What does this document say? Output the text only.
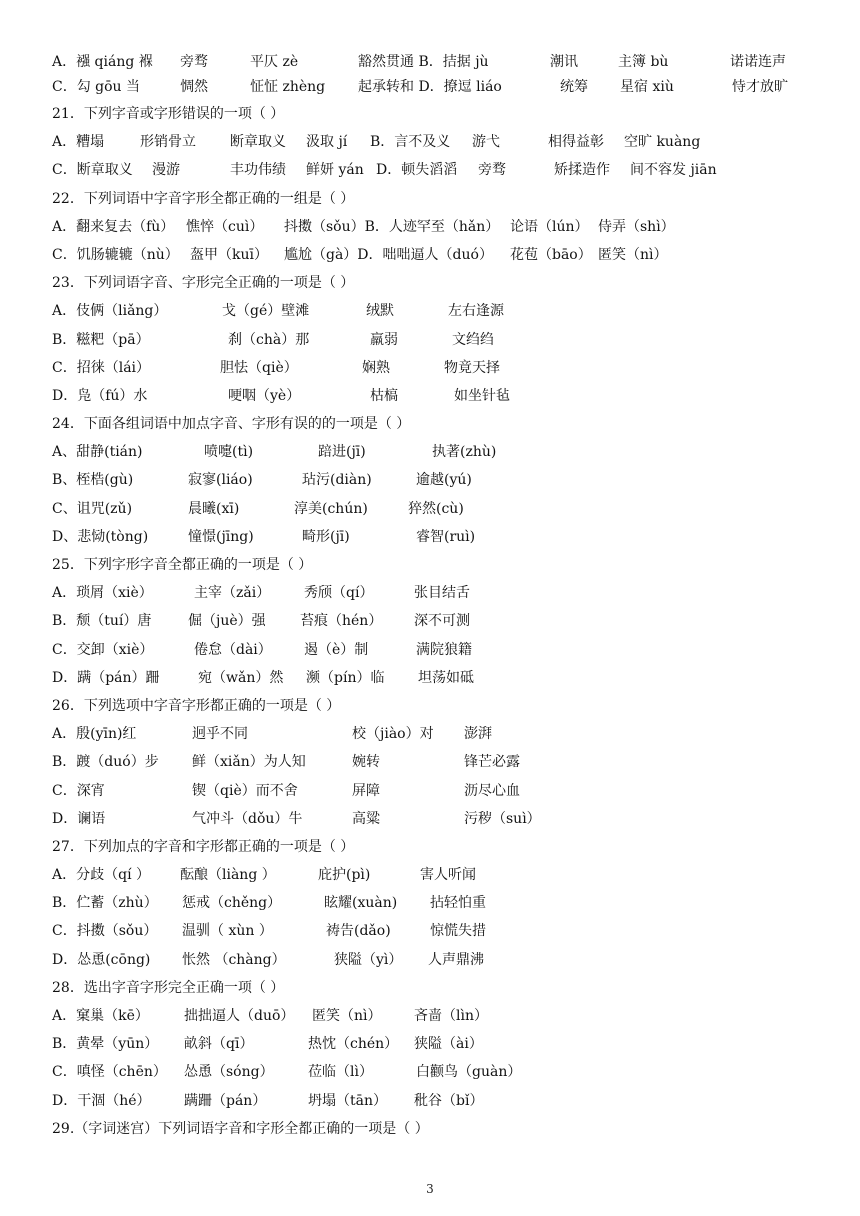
A．襁 qiáng 褓 旁骛	平仄 zè	豁然贯通 B．拮据 jù	潮讯	主簿 bù	诺诺连声
C．勾 gōu 当	惆然	怔怔 zhèng 起承转和 D．撩逗 liáo	统筹 星宿 xiù	恃才放旷
21．下列字音或字形错误的一项（ ）
A．糟塌	形销骨立 断章取义 汲取 jí B．言不及义 游弋	相得益彰 空旷 kuàng
C．断章取义 漫游	丰功伟绩 鲜妍 yán D．顿失滔滔 旁骛	矫揉造作 间不容发 jiān
22．下列词语中字音字形全都正确的一组是（ ）
A．翻来复去（fù） 憔悴（cuì） 抖擞（sǒu）B．人迹罕至（hǎn） 论语（lún） 侍弄（shì）
C．饥肠辘辘（nù） 盔甲（kuī） 尴尬（gà）D．咄咄逼人（duó） 花苞（bāo） 匿笑（nì）
23．下列词语字音、字形完全正确的一项是（ ）
A．伎俩（liǎng）	戈（gé）壁滩	绒默	左右逢源
B．糍粑（pā）	刹（chà）那	羸弱	文绉绉
C．招徕（lái）	胆怯（qiè）	娴熟	物竟天择
D．凫（fú）水	哽咽（yè）	枯槁	如坐针毡
24．下面各组词语中加点字音、字形有误的的一项是（ ）
A、甜静(tián)	喷嚏(tì)	踣进(jī)	执著(zhù)
B、桎梏(gù)	寂寥(liáo)	玷污(diàn)	逾越(yú)
C、诅咒(zǔ)	晨曦(xī)	淳美(chún)	猝然(cù)
D、悲恸(tòng)	憧憬(jīng)	畸形(jī)	睿智(ruì)
25．下列字形字音全都正确的一项是（ ）
A．琐屑（xiè）	主宰（zǎi） 秀颀（qí）	张目结舌
B．颓（tuí）唐	倔（juè）强 苔痕（hén） 深不可测
C．交卸（xiè）	倦怠（dài） 遏（è）制	满院狼籍
D．蹒（pán）跚	宛（wǎn）然 濒（pín）临 坦荡如砥
26．下列选项中字音字形都正确的一项是（ ）
A．殷(yīn)红	迥乎不同	校（jiào）对 澎湃
B．踱（duó）步 鲜（xiǎn）为人知	婉转	锋芒必露
C．深宵	锲（qiè）而不舍	屏障	沥尽心血
D．谰语	气冲斗（dǒu）牛	高粱	污秽（suì）
27．下列加点的字音和字形都正确的一项是（ ）
A．分歧（qí ） 酝酿（liàng ）	庇护(pì)	害人听闻
B．伫蓄（zhù） 惩戒（chěng）	眩耀(xuàn) 拈轻怕重
C．抖擞（sǒu） 温驯（ xùn ）	祷告(dǎo)	惊慌失措
D．怂恿(cōng) 怅然 （chàng）	狭隘（yì） 人声鼎沸
28．选出字音字形完全正确一项（ ）
A．窠巢（kē）	拙拙逼人（duō） 匿笑（nì） 吝啬（lìn）
B．黄晕（yūn） 畝斜（qī）	热忱（chén） 狭隘（ài）
C．嗔怪（chēn） 怂恿（sóng） 莅临（lì）	白颧鸟（guàn）
D．干涸（hé） 蹒跚（pán）	坍塌（tān） 秕谷（bǐ）
29.（字词迷宫）下列词语字音和字形全都正确的一项是（ ）
3
